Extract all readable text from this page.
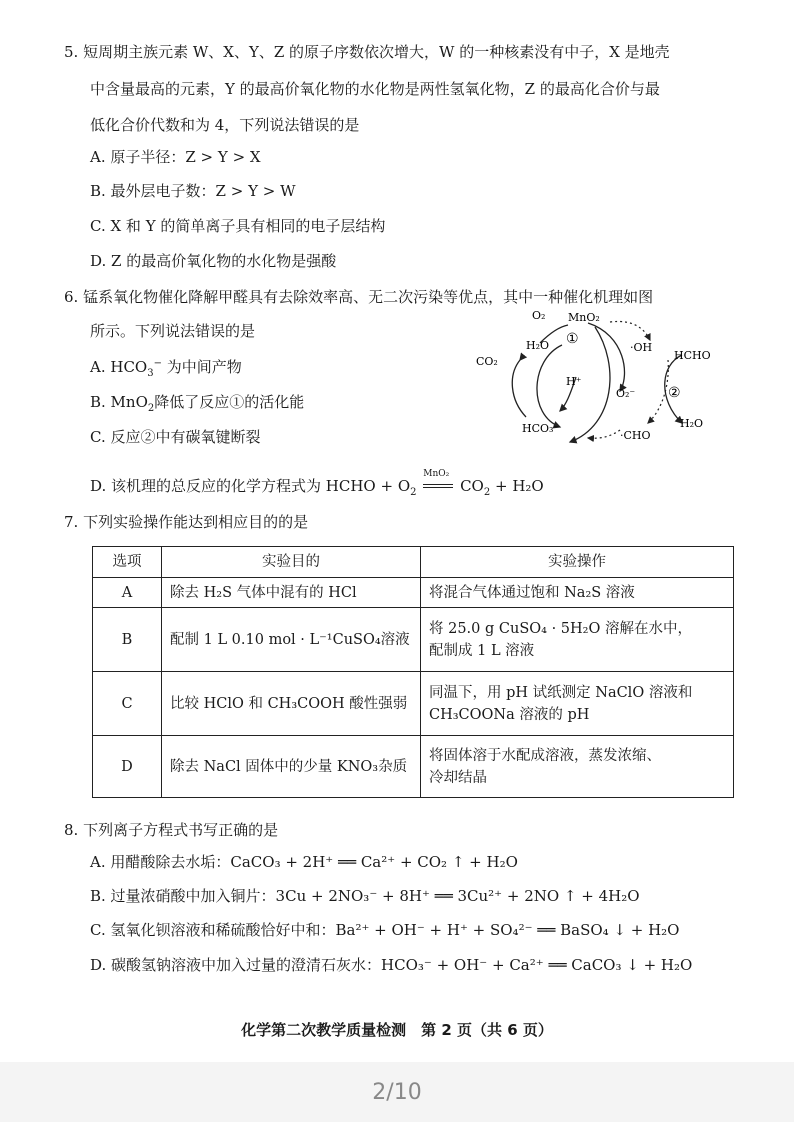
5. 短周期主族元素 W、X、Y、Z 的原子序数依次增大，W 的一种核素没有中子，X 是地壳
中含量最高的元素，Y 的最高价氧化物的水化物是两性氢氧化物，Z 的最高化合价与最
低化合价代数和为 4，下列说法错误的是
A. 原子半径：Z > Y > X
B. 最外层电子数：Z > Y > W
C. X 和 Y 的简单离子具有相同的电子层结构
D. Z 的最高价氧化物的水化物是强酸
6. 锰系氧化物催化降解甲醛具有去除效率高、无二次污染等优点，其中一种催化机理如图
所示。下列说法错误的是
A. $HCO_3^-$ 为中间产物
B. MnO$_2$降低了反应①的活化能
C. 反应②中有碳氧键断裂
D. 该机理的总反应的化学方程式为 HCHO + $O_2$
MnO₂
$CO_2 + H_2O$
O₂ MnO₂
H₂O ①
·OH
HCHO
CO₂
H⁺
O₂⁻ ②
H₂O
HCO₃⁻
·CHO
7. 下列实验操作能达到相应目的的是
选项	实验目的	实验操作
A	除去 H₂S 气体中混有的 HCl	将混合气体通过饱和 Na₂S 溶液

B	配制 1 L 0.10 mol · L⁻¹CuSO₄溶液	将 25.0 g CuSO₄ · 5H₂O 溶解在水中，
配制成 1 L 溶液

C	比较 HClO 和 CH₃COOH 酸性强弱	同温下，用 pH 试纸测定 NaClO 溶液和
CH₃COONa 溶液的 pH

D	除去 NaCl 固体中的少量 KNO₃杂质	将固体溶于水配成溶液，蒸发浓缩、
冷却结晶
8. 下列离子方程式书写正确的是
A. 用醋酸除去水垢：CaCO₃ + 2H⁺ ══ Ca²⁺ + CO₂ ↑ + H₂O
B. 过量浓硝酸中加入铜片：3Cu + 2NO₃⁻ + 8H⁺ ══ 3Cu²⁺ + 2NO ↑ + 4H₂O
C. 氢氧化钡溶液和稀硫酸恰好中和：Ba²⁺ + OH⁻ + H⁺ + SO₄²⁻ ══ BaSO₄ ↓ + H₂O
D. 碳酸氢钠溶液中加入过量的澄清石灰水：HCO₃⁻ + OH⁻ + Ca²⁺ ══ CaCO₃ ↓ + H₂O
化学第二次教学质量检测　第 2 页（共 6 页）
2/10
